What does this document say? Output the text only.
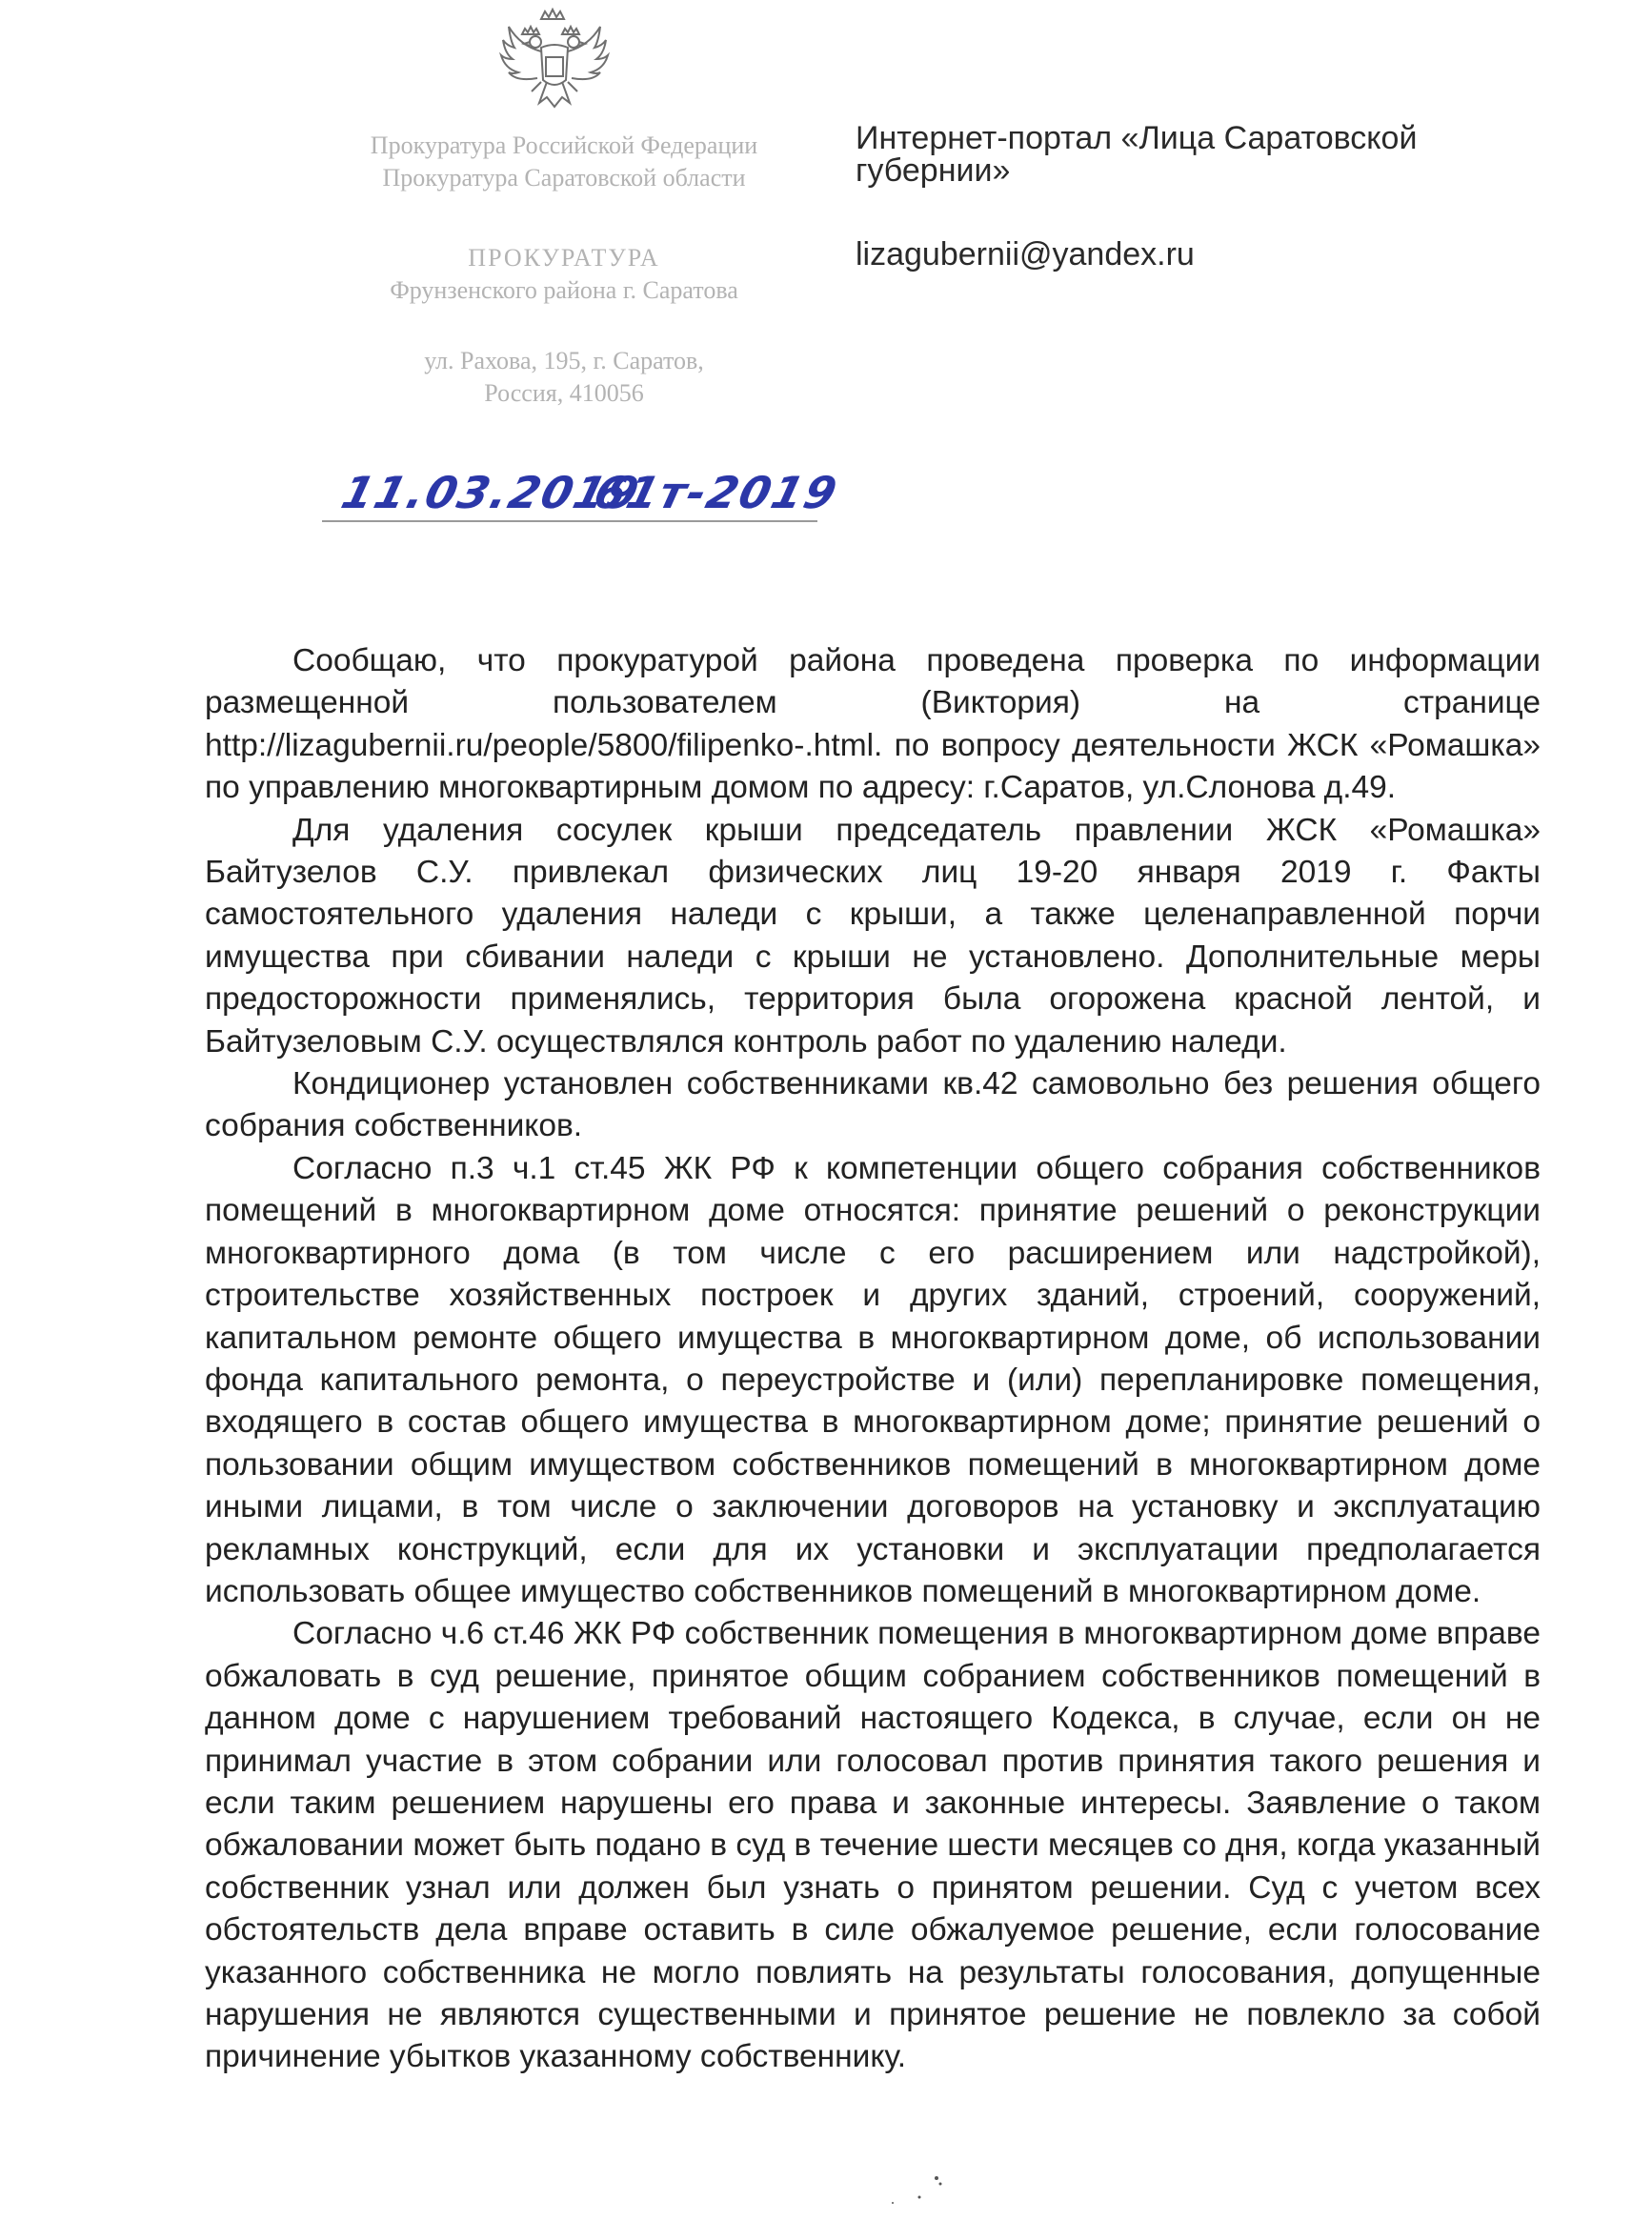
Прокуратура Российской Федерации
Прокуратура Саратовской области
ПРОКУРАТУРА
Фрунзенского района г. Саратова
ул. Рахова, 195, г. Саратов,
Россия, 410056
Интернет-портал «Лица Саратовской губернии»
lizagubernii@yandex.ru
11.03.2019
61т-2019

Сообщаю, что прокуратурой района проведена проверка по информации размещенной пользователем (Виктория) на странице http://lizagubernii.ru/people/5800/filipenko-.html. по вопросу деятельности ЖСК «Ромашка» по управлению многоквартирным домом по адресу: г.Саратов, ул.Слонова д.49.

Для удаления сосулек крыши председатель правлении ЖСК «Ромашка» Байтузелов С.У. привлекал физических лиц 19-20 января 2019 г. Факты самостоятельного удаления наледи с крыши, а также целенаправленной порчи имущества при сбивании наледи с крыши не установлено. Дополнительные меры предосторожности применялись, территория была огорожена красной лентой, и Байтузеловым С.У. осуществлялся контроль работ по удалению наледи.

Кондиционер установлен собственниками кв.42 самовольно без решения общего собрания собственников.

Согласно п.3 ч.1 ст.45 ЖК РФ к компетенции общего собрания собственников помещений в многоквартирном доме относятся: принятие решений о реконструкции многоквартирного дома (в том числе с его расширением или надстройкой), строительстве хозяйственных построек и других зданий, строений, сооружений, капитальном ремонте общего имущества в многоквартирном доме, об использовании фонда капитального ремонта, о переустройстве и (или) перепланировке помещения, входящего в состав общего имущества в многоквартирном доме; принятие решений о пользовании общим имуществом собственников помещений в многоквартирном доме иными лицами, в том числе о заключении договоров на установку и эксплуатацию рекламных конструкций, если для их установки и эксплуатации предполагается использовать общее имущество собственников помещений в многоквартирном доме.

Согласно ч.6 ст.46 ЖК РФ собственник помещения в многоквартирном доме вправе обжаловать в суд решение, принятое общим собранием собственников помещений в данном доме с нарушением требований настоящего Кодекса, в случае, если он не принимал участие в этом собрании или голосовал против принятия такого решения и если таким решением нарушены его права и законные интересы. Заявление о таком обжаловании может быть подано в суд в течение шести месяцев со дня, когда указанный собственник узнал или должен был узнать о принятом решении. Суд с учетом всех обстоятельств дела вправе оставить в силе обжалуемое решение, если голосование указанного собственника не могло повлиять на результаты голосования, допущенные нарушения не являются существенными и принятое решение не повлекло за собой причинение убытков указанному собственнику.
